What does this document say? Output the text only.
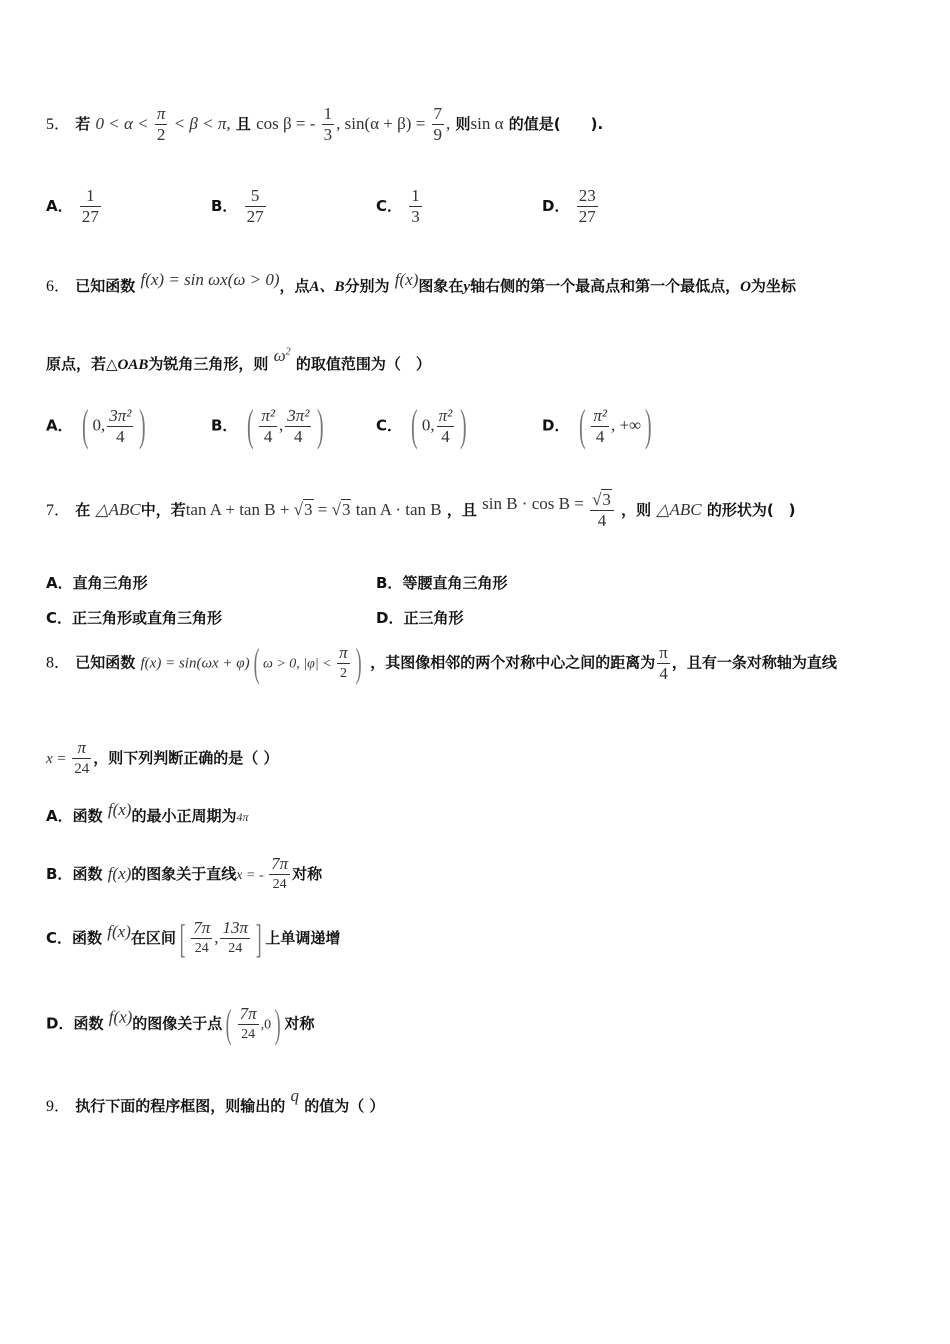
5． 若 $0 < \alpha < \frac{\pi}{2} < \beta < \pi$, 且 cos β = - $\frac{1}{3}$ , $\sin(\alpha + \beta) = \frac{7}{9}$ , 则sin α 的值是(　　).
A． $\frac{1}{27}$	B． $\frac{5}{27}$	C． $\frac{1}{3}$	D． $\frac{23}{27}$
6． 已知函数 f(x) = sin ωx(ω > 0)，点A、B分别为 f(x)图象在y轴右侧的第一个最高点和第一个最低点，O为坐标
原点，若△OAB为锐角三角形，则 $\omega^2$ 的取值范围为（　）
A． ( 0, $\frac{\text{3π²}}{4}$ )	B． ( $\frac{\text{π²}}{4}$ , $\frac{\text{3π²}}{4}$ )	C． ( 0, $\frac{\text{π²}}{4}$ )	D． ( $\frac{\text{π²}}{4}$ , +∞)
7． 在 △ABC中，若tan A + tan B + √3 = √3 tan A · tan B ，且 $\sin B \cdot \cos B = \frac{√3}{4}$ ，则 △ABC 的形状为(　)
A．直角三角形	B．等腰直角三角形
C．正三角形或直角三角形	D．正三角形
8． 已知函数 f(x) = sin(ωx + φ)( ω > 0, $|\varphi| < \frac{\pi}{2}$ ) ，其图像相邻的两个对称中心之间的距离为 $\frac{\pi}{4}$ ，且有一条对称轴为直线
$x = \frac{\pi}{24}$ ，则下列判断正确的是（ ）
A．函数 f(x)的最小正周期为4π
B．函数 f(x)的图象关于直线x = - $\frac{7\pi}{24}$ 对称
C．函数 f(x)在区间[ $\frac{7\pi}{24}$ , $\frac{13\pi}{24}$ ] 上单调递增
D．函数 f(x)的图像关于点( $\frac{7\pi}{24} ,0$) 对称
9． 执行下面的程序框图，则输出的 q 的值为（ ）
